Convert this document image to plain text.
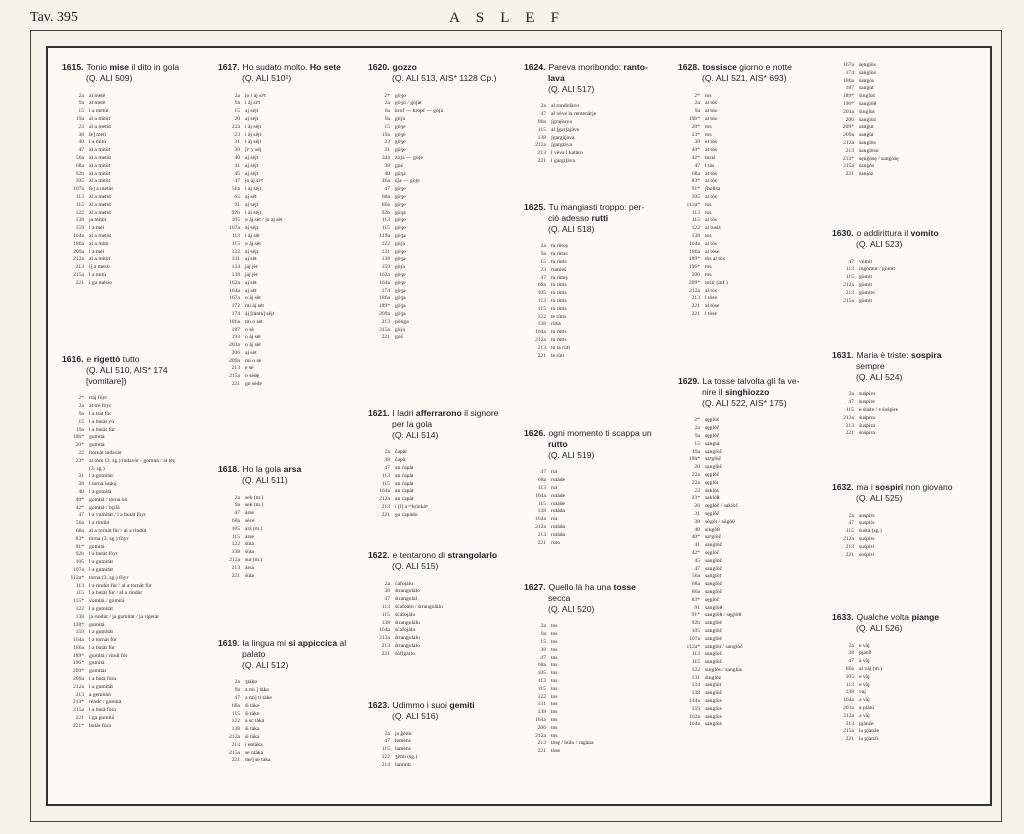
Tav. 395	ASLEF
1615. Tonio mise il dito in gola
(Q. ALI 509)
2a al metè
9a al metè
15 l a metùt
19a al a mitùt
23 al a metùt
38 ſe] metì
40 l a mitù
47 al a mitùt
56a al a metùt
68a al a mitùt
92b al a mitùt
105 al a mitùt
107a ſe] a metùt
113 al a metùt
115 al a metùt
122 al a metùt
138 ja mitùt
159 l a mèi
164a al a metùt
186a al a mitù
209a l a mèi
212a al a mitùt
213 i] a mesò
215a l a mitù
221 l ga mėsio
1616. e rigettò tutto
(Q. ALI 510, AIS* 174
[vomitare])
2* tràj fòyr
2a al trè fòyr
9a l a trat fòr
15 l a butàt yù
19a l a butàt fùr
19h* gumità
20* gumità
22 ſtornàt indavàr
23* al tòrn (3. sg.) indavòr / gomità / al tèç
(3. sg.)
31 l a gomitàt
38 l tornà ùsàuj
40 l a gomità
40* gomità / tòrna ùò
42* gomità / bçilà
47 l a vumitàt / l a butàt fòyr
56a l a rindùt
68a al a tornàt fùr / al a rindùt
83* tòrna (3. sg.) fòyr
91* gomità
92b l a butàt fòyr
105 l a gumitàt
107a l a gumitàt
112a* tòrna (3. sg.) fòyr
113 l a rindùt fùr / al a tornàt fùr
115 l a butàt fùr / al a rindùt
115* vomità / gomità
122 l a gumitàt
138 ja rindùt / ja gumitàt / ja riġetàt
138* gumità
159 l a gumitàt
164a l a tornàt fùr
186a l a butàt fùr
189* gumità / rindì fòr
196* gumità
209* gomitàr
209a l a butà fòra
212a l a gumitàt
213 a gemitàò
213* rèndc / gomità
215a l a butà fòra
221 l ga gumità
221* butàr fòra
1617. Ho sudato molto. Ho sete
(Q. ALI 510¹)
2a jo i àj sìᵉt
9a i àj sìᵉt
15 aj sèjt
20 aj sèjt
22a i àj sèjt
23 i àj sèjt
31 i àj sèjt
38 jìᵉ y sèj
40 aj sèjt
41 aj sèjt
45 aj sèjt
47 jo àj sìᵉt
56a i àj sèjt
65 aj sèt
91 aj sèjt
92b i ài sèjt
105 o àj sèt / jo aj sèt
107a aj sèjt
113 i àj sèt
115 o àj sèt
122 àj sèjt
131 aj sèt
134 jaj jèt
138 jaj jèt
162a aj sèt
164a aj sèt
167a o àj sèt
172 mi àj sèt
174 àj [tànta] sèjt
186a mi o sèt
187 o sè
193 o àj sèt
201a o àj sèt
206 aj sèt
209a mi o sè
213 e sè
215a o sèdę
221 go sède
1618. Ho la gola arsa
(Q. ALI 511)
2a sek (m.)
9a sek (m.)
47 àrse
68a sèce
105 arś (m.)
115 àrse
122 śùta
138 śùta
212a sut (m.)
213 àrsa
221 śùta
1619. la lingua mi si appiccica al
palato
(Q. ALI 512)
2a ʒtàko
9a a mi ] tàka
47 a mi] ti tàke
68a śi tàke
115 śi tàke
122 a sc tàka
138 śi tàka
212a śi tàka
213 i entàka
215a se ntàka
221 me] se tàka
1620. gozzo
(Q. ALI 513, AIS* 1128 Cp.)
2* gòʒo
2a gòʒo / goʃar
6a krof — kropf — gòʃa
9a gòʃa
15 gòʒe
19a gòʒe
23 gòʒe
31 gòʒe
34a zòʃa — gòʃe
38 goś
40 gòʒa
46a śʃa — gòʃe
47 gòʒe
68a gòʒe
80a gòʒe
92b gòʒa
113 gòʒe
115 gòʒe
119a gòʒa
122 gòʃa
131 gòʒe
138 gòʒa
159 gòʃa
162a gòʒe
164a gòʒe
174 gòʒa
186a gòʒa
189* gòʒa
209a gòʒa
213 pònga
215a gòʃa
221 goś
1621. I ladri afferrarono il signore
per la gola
(Q. ALI 514)
2a ćapàr
38 ćapà
47 an ćapàt
113 an ćapàt
115 an ćapàt
164a an ćapàt
212a an ćapàt
213 i [l] a ᵈᵉbrìnkàⁿ
221 ga ćapàdo
1622. e tentarono di strangolarlo
(Q. ALI 515)
2a ćafojàlu
38 śtrangolàlo
47 śtrangolàl
113 śćafoàlu / śtrangolàlu
115 śćafojàlu
138 śtrangolàlu
164a śćafojàlu
212a śtrangolàlu
213 śtrangolàlo
221 śòfigàrlo
1623. Udimmo i suoi gemiti
(Q. ALI 516)
2a ja ġèmi
47 lemèns
115 lamèns
122 ʒèmi (sg.)
214 lamìnti
1624. Pareva moribondo: ranto-
lava
(Q. ALI 517)
2a al rondolàvo
47 al vève la rentenàrje
80a ʃgrajèava
115 al ʃgarʃajàve
138 ʃgargàjàva
212a ʃgargtàva
213 l vèva l katàro
221 l gargiʃàva
1625. Tu mangiasti troppo: per-
ciò adesso rutti
(Q. ALI 518)
2a tu rùtoș
9a tu rùtas
15 tu rùtis
23 rumièś
47 tu rùteș
68a tu rùtis
105 tu rùtis
113 tu rùtis
115 tu rùtis
122 te rùtis
138 rùtis
164a tu rùtis
212a tu rùtis
213 tu ta rùti
221 te rùti
1626. ogni momento ti scappa un
rutto
(Q. ALI 519)
47 rut
68a rutàde
113 rut
164a rutàde
115 rutàde
138 rutàda
164a rut
212a rutàda
213 rutàda
221 rùto
1627. Quello là ha una tosse
secca
(Q. ALI 520)
2a tos
9a tos
15 tos
38 tos
47 tos
68a tos
105 tos
113 tos
115 tos
122 tos
131 tos
138 tos
164a tos
206 tos
212a tos
213 tòsę / bùlo / ragàna
221 tòse
1628. tossisce giorno e notte
(Q. ALI 521, AIS* 693)
2* tos
2a al tòś
9a al tòs
19b* al tòs
20* tos
23* tos
38 el tòs
40* al tòs
42* tusìś
47 l tòs
68a al tòs
83* al tòs
91* ʃbolìśa
105 al tòs
112a* tos
113 tos
115 al tòs
122 al tusìś
138 tos
164a al tòs
186a al tòse
189* tòs al tòs
196* tos
206 tos
209* tośir (inf.)
212a al tòs
213 l tòse
221 al tòse
221 l tòse
1629. La tosse talvolta gli fa ve-
nire il singhiozzo
(Q. ALI 522, AIS* 175)
2* sęglùś
2a sęglòč
9a sęglòč
15 sangùt
19a sanglòč
19h* saⁿglòč
20 sanglòč
22a sęglòč
22a sęglòt
23 śaklòs
23* saklòθ
26 sęglòč / saklòč
31 sęglòč
38 sògòt / sògòθ
40 singòθ
40* saⁿglòč
41 sanglòč
42* sęglòč
45 sanglòč
47 sanglòč
56a sanglòt
68a sanglòč
80a sanglòč
83* sęglòč
91 sanglòθ
91* sanglòθ / sęglòθ
92b sanglòś
105 sanglòč
107a sanglòś
112a* sanglùt / sanglòč
113 sanglòč
115 sanglòč
122 singlòs / sanglùs
131 śinglòz
134 sanglòt
138 sanglòč
144a sanglòs
159 sanglòs
162a sanglòs
164a sanglòs
167a śęnglòs
174 śanglòś
186a śanġòs
187 sanġùt
189* śinglùś
196* śanglòθ
201a śinglùś
206 śanglòz
209* sanġùt
209a sanġùt
212a śanglòs
213 śanglòso
213* sęnġòsę / sanġòśę
215a śanġòs
221 śanjòz
1630. o addirittura il vomito
(Q. ALI 523)
47 vòmit
113 ingòmut / gòmit
115 gòmit
212a gòmit
213 gòmito
215a gòmit
1631. Maria è triste: sospira
sempre
(Q. ALI 524)
2a suśpìro
47 suspìre
115 e śùśte / e śośpìre
212a śuśpira
213 śuśpira
221 śośpira
1632. ma i sospiri non giovano
(Q. ALI 525)
2a suspìrs
47 suspìrs
115 śuśtà (sg.)
212a suśpìrs
213 suśpìri
221 sośpìri
1633. Qualche volta piange
(Q. ALI 526)
2a e vàj
38 pjanð
47 a vàj
80a al vàj (m.)
105 e vàj
113 e vàj
138 vaj
164a a vàj
201a a plàni
212a a vàj
213 pjànźe
215a la pjànźe
221 la pjànźi
